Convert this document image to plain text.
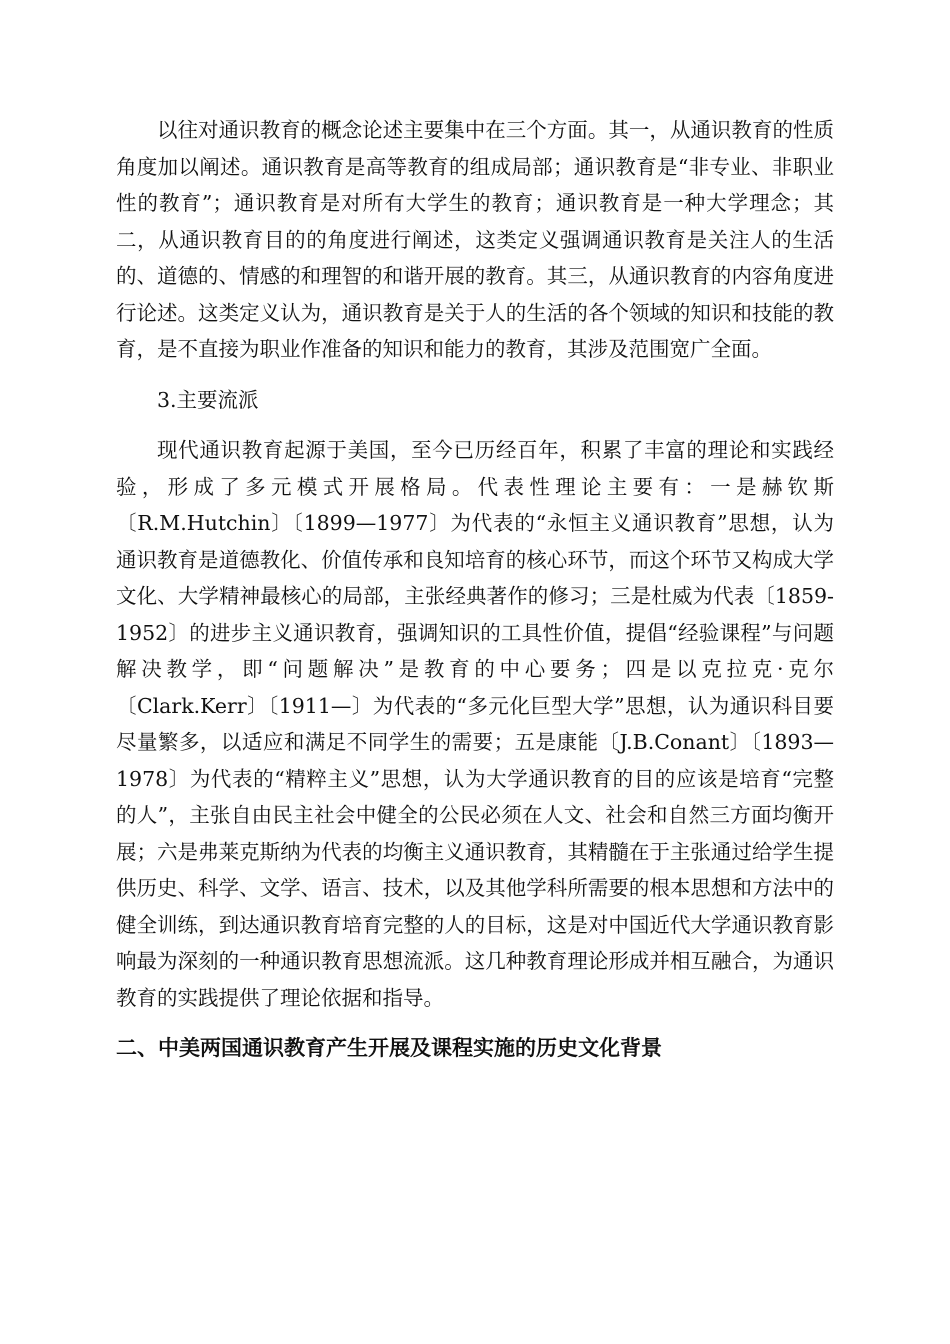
以往对通识教育的概念论述主要集中在三个方面。其一，从通识教育的性质角度加以阐述。通识教育是高等教育的组成局部；通识教育是“非专业、非职业性的教育”；通识教育是对所有大学生的教育；通识教育是一种大学理念；其二，从通识教育目的的角度进行阐述，这类定义强调通识教育是关注人的生活的、道德的、情感的和理智的和谐开展的教育。其三，从通识教育的内容角度进行论述。这类定义认为，通识教育是关于人的生活的各个领域的知识和技能的教育，是不直接为职业作准备的知识和能力的教育，其涉及范围宽广全面。

3.主要流派

现代通识教育起源于美国，至今已历经百年，积累了丰富的理论和实践经验，形成了多元模式开展格局。代表性理论主要有：一是赫钦斯〔R.M.Hutchin〕〔1899—1977〕为代表的“永恒主义通识教育”思想，认为通识教育是道德教化、价值传承和良知培育的核心环节，而这个环节又构成大学文化、大学精神最核心的局部，主张经典著作的修习；三是杜威为代表〔1859-1952〕的进步主义通识教育，强调知识的工具性价值，提倡“经验课程”与问题解决教学，即“问题解决”是教育的中心要务；四是以克拉克·克尔〔Clark.Kerr〕〔1911—〕为代表的“多元化巨型大学”思想，认为通识科目要尽量繁多，以适应和满足不同学生的需要；五是康能〔J.B.Conant〕〔1893—1978〕为代表的“精粹主义”思想，认为大学通识教育的目的应该是培育“完整的人”，主张自由民主社会中健全的公民必须在人文、社会和自然三方面均衡开展；六是弗莱克斯纳为代表的均衡主义通识教育，其精髓在于主张通过给学生提供历史、科学、文学、语言、技术，以及其他学科所需要的根本思想和方法中的健全训练，到达通识教育培育完整的人的目标，这是对中国近代大学通识教育影响最为深刻的一种通识教育思想流派。这几种教育理论形成并相互融合，为通识教育的实践提供了理论依据和指导。

二、中美两国通识教育产生开展及课程实施的历史文化背景
